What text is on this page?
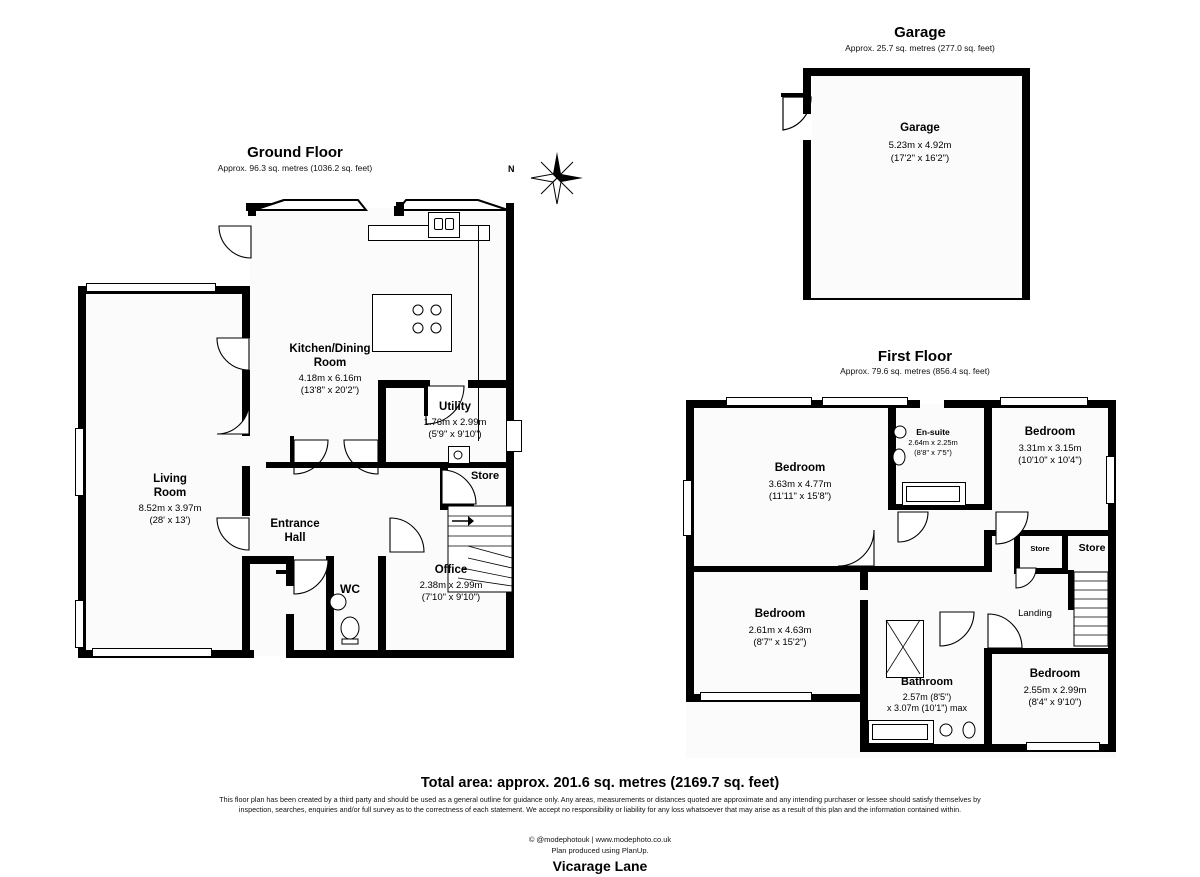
Garage
Approx. 25.7 sq. metres (277.0 sq. feet)
Garage
5.23m x 4.92m
(17'2" x 16'2")
Ground Floor
Approx. 96.3 sq. metres (1036.2 sq. feet)	N
Kitchen/Dining
Room
4.18m x 6.16m
(13'8" x 20'2")
Living
Room
8.52m x 3.97m
(28' x 13')
Utility
1.76m x 2.99m
(5'9" x 9'10")
Store
Entrance
Hall
WC
Office
2.38m x 2.99m
(7'10" x 9'10")
First Floor
Approx. 79.6 sq. metres (856.4 sq. feet)
Bedroom
3.63m x 4.77m
(11'11" x 15'8")
Bedroom
3.31m x 3.15m
(10'10" x 10'4")
En-suite
2.64m x 2.25m
(8'8" x 7'5")
Bedroom
2.61m x 4.63m
(8'7" x 15'2")
Bedroom
2.55m x 2.99m
(8'4" x 9'10")
Bathroom
2.57m (8'5")
x 3.07m (10'1") max
Store	Store
Landing
Total area: approx. 201.6 sq. metres (2169.7 sq. feet)
This floor plan has been created by a third party and should be used as a general outline for guidance only. Any areas, measurements or distances quoted are approximate and any intending purchaser or lessee should satisfy themselves by inspection, searches, enquiries and/or full survey as to the correctness of each statement. We accept no responsibility or liability for any loss whatsoever that may arise as a result of this plan and the information contained within.
© @modephotouk | www.modephoto.co.uk
Plan produced using PlanUp.
Vicarage Lane
